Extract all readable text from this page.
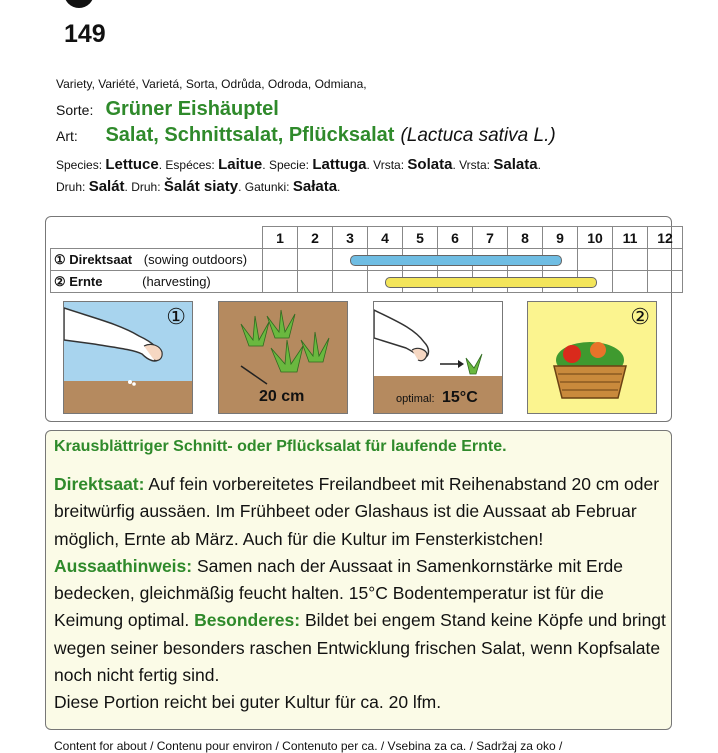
149
Variety, Variété, Varietá, Sorta, Odrůda, Odroda, Odmiana,
Sorte: Grüner Eishäuptel
Art: Salat, Schnittsalat, Pflücksalat (Lactuca sativa L.)
Species: Lettuce. Espéces: Laitue. Specie: Lattuga. Vrsta: Solata. Vrsta: Salata.
Druh: Salát. Druh: Šalát siaty. Gatunki: Sałata.
	1	2	3	4	5	6	7	8	9	10	11	12
① Direktsaat (sowing outdoors)												
② Ernte (harvesting)												
①
20 cm	optimal: 15°C
②
Krausblättriger Schnitt- oder Pflücksalat für laufende Ernte.
Direktsaat: Auf fein vorbereitetes Freilandbeet mit Reihenabstand 20 cm oder breitwürfig aussäen. Im Frühbeet oder Glashaus ist die Aussaat ab Februar möglich, Ernte ab März. Auch für die Kultur im Fensterkistchen!
Aussaathinweis: Samen nach der Aussaat in Samenkornstärke mit Erde bedecken, gleichmäßig feucht halten. 15°C Bodentemperatur ist für die Keimung optimal. Besonderes: Bildet bei engem Stand keine Köpfe und bringt wegen seiner besonders raschen Entwicklung frischen Salat, wenn Kopfsalate noch nicht fertig sind.
Diese Portion reicht bei guter Kultur für ca. 20 lfm.
Content for about / Contenu pour environ / Contenuto per ca. / Vsebina za ca. / Sadržaj za oko /
